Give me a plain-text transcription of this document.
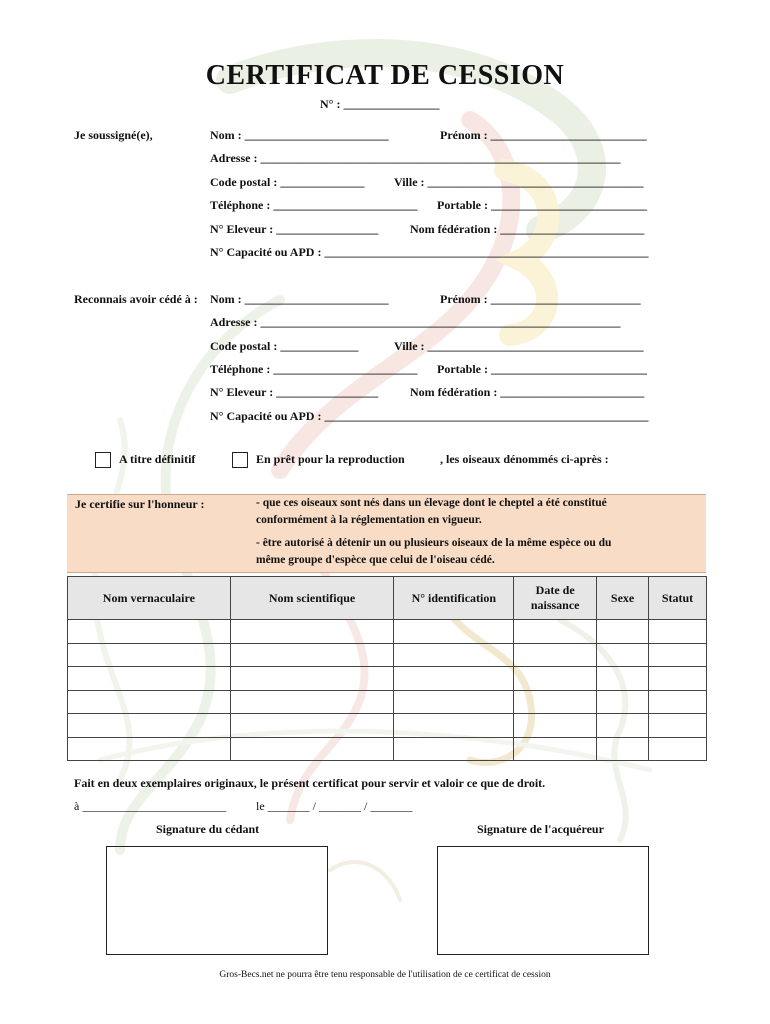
CERTIFICAT DE CESSION
N° : ________________
Je soussigné(e),	Nom : ________________________	Prénom : __________________________
Adresse : ____________________________________________________________
Code postal : ______________ Ville : ____________________________________
Téléphone : ________________________ Portable : __________________________
N° Eleveur : _________________	Nom fédération : ________________________
N° Capacité ou APD : ______________________________________________________
Reconnais avoir cédé à : Nom : ________________________	Prénom : _________________________
Adresse : ____________________________________________________________
Code postal : _____________	Ville : ____________________________________
Téléphone : ________________________ Portable : __________________________
N° Eleveur : _________________	Nom fédération : ________________________
N° Capacité ou APD : ______________________________________________________
A titre définitif	En prêt pour la reproduction	, les oiseaux dénommés ci-après :
Je certifie sur l'honneur :	- que ces oiseaux sont nés dans un élevage dont le cheptel a été constitué
conformément à la réglementation en vigueur.
- être autorisé à détenir un ou plusieurs oiseaux de la même espèce ou du
même groupe d'espèce que celui de l'oiseau cédé.
Nom vernaculaire	Nom scientifique	N° identification	Date de
naissance	Sexe	Statut

Fait en deux exemplaires originaux, le présent certificat pour servir et valoir ce que de droit.
à ________________________ le _______ / _______ / _______
Signature du cédant	Signature de l'acquéreur
Gros-Becs.net ne pourra être tenu responsable de l'utilisation de ce certificat de cession
